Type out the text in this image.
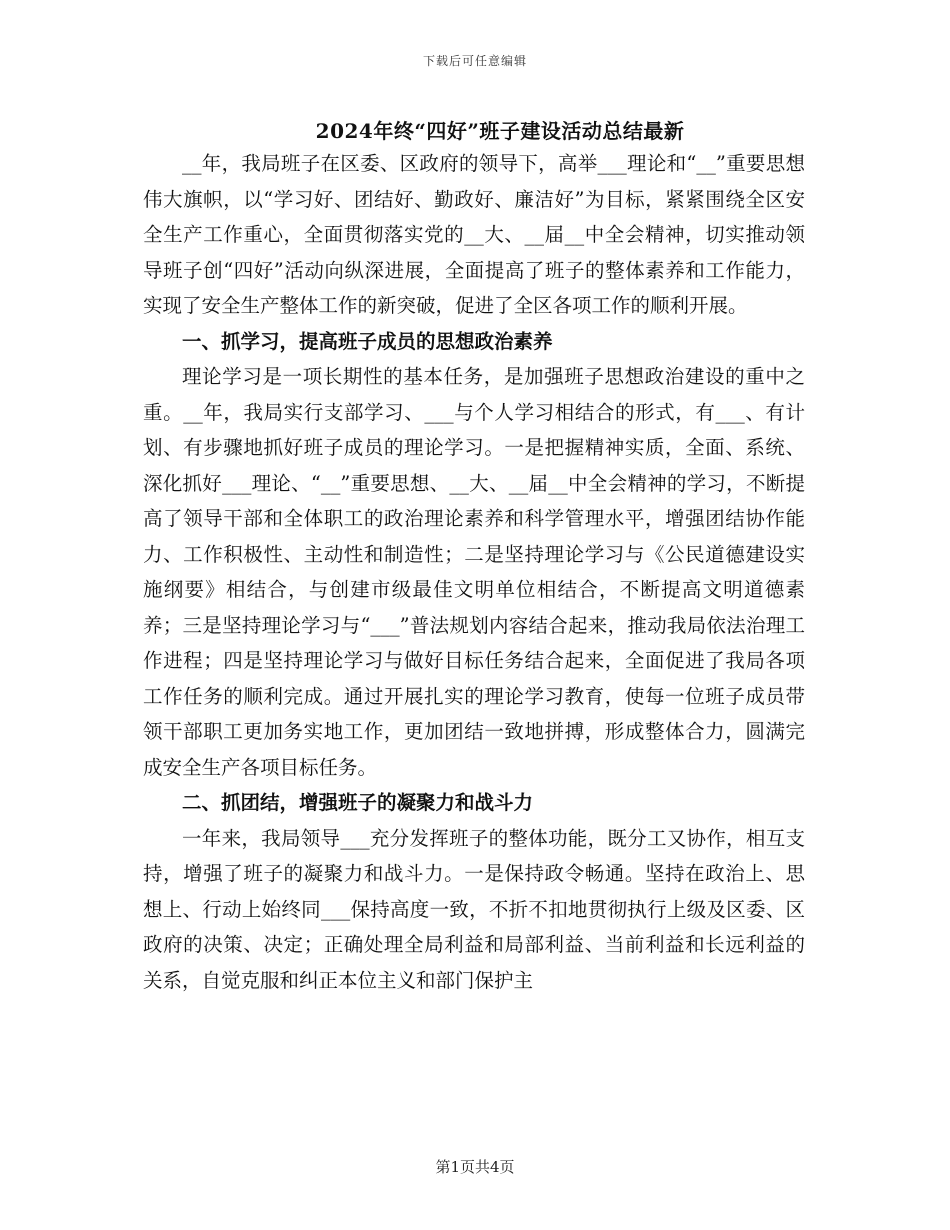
下载后可任意编辑
2024年终“四好”班子建设活动总结最新

__年，我局班子在区委、区政府的领导下，高举___理论和“__”重要思想伟大旗帜，以“学习好、团结好、勤政好、廉洁好”为目标，紧紧围绕全区安全生产工作重心，全面贯彻落实党的__大、__届__中全会精神，切实推动领导班子创“四好”活动向纵深进展，全面提高了班子的整体素养和工作能力，实现了安全生产整体工作的新突破，促进了全区各项工作的顺利开展。

一、抓学习，提高班子成员的思想政治素养

理论学习是一项长期性的基本任务，是加强班子思想政治建设的重中之重。__年，我局实行支部学习、___与个人学习相结合的形式，有___、有计划、有步骤地抓好班子成员的理论学习。一是把握精神实质，全面、系统、深化抓好___理论、“__”重要思想、__大、__届__中全会精神的学习，不断提高了领导干部和全体职工的政治理论素养和科学管理水平，增强团结协作能力、工作积极性、主动性和制造性；二是坚持理论学习与《公民道德建设实施纲要》相结合，与创建市级最佳文明单位相结合，不断提高文明道德素养；三是坚持理论学习与“___”普法规划内容结合起来，推动我局依法治理工作进程；四是坚持理论学习与做好目标任务结合起来，全面促进了我局各项工作任务的顺利完成。通过开展扎实的理论学习教育，使每一位班子成员带领干部职工更加务实地工作，更加团结一致地拼搏，形成整体合力，圆满完成安全生产各项目标任务。

二、抓团结，增强班子的凝聚力和战斗力

一年来，我局领导___充分发挥班子的整体功能，既分工又协作，相互支持，增强了班子的凝聚力和战斗力。一是保持政令畅通。坚持在政治上、思想上、行动上始终同___保持高度一致，不折不扣地贯彻执行上级及区委、区政府的决策、决定；正确处理全局利益和局部利益、当前利益和长远利益的关系，自觉克服和纠正本位主义和部门保护主

第1页共4页
